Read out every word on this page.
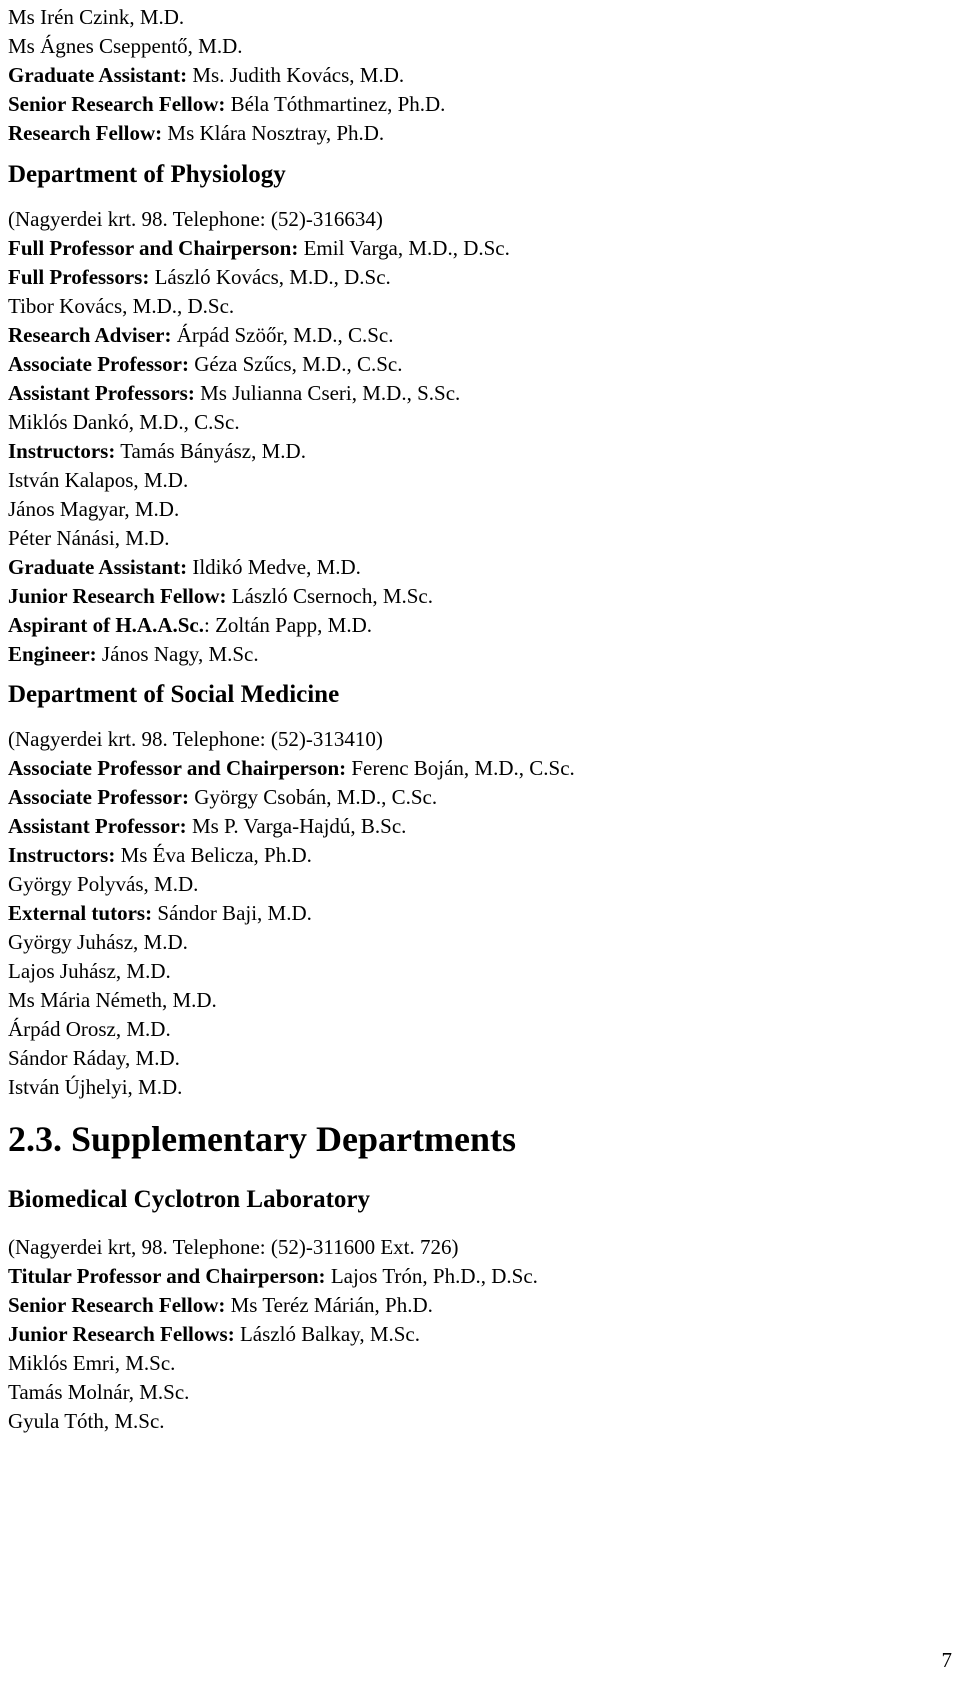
Ms Irén Czink, M.D.
Ms Ágnes Cseppentő, M.D.
Graduate Assistant: Ms. Judith Kovács, M.D.
Senior Research Fellow: Béla Tóthmartinez, Ph.D.
Research Fellow: Ms Klára Nosztray, Ph.D.
Department of Physiology
(Nagyerdei krt. 98. Telephone: (52)-316634)
Full Professor and Chairperson: Emil Varga, M.D., D.Sc.
Full Professors: László Kovács, M.D., D.Sc.
Tibor Kovács, M.D., D.Sc.
Research Adviser: Árpád Szöőr, M.D., C.Sc.
Associate Professor: Géza Szűcs, M.D., C.Sc.
Assistant Professors: Ms Julianna Cseri, M.D., S.Sc.
Miklós Dankó, M.D., C.Sc.
Instructors: Tamás Bányász, M.D.
István Kalapos, M.D.
János Magyar, M.D.
Péter Nánási, M.D.
Graduate Assistant: Ildikó Medve, M.D.
Junior Research Fellow: László Csernoch, M.Sc.
Aspirant of H.A.A.Sc.: Zoltán Papp, M.D.
Engineer: János Nagy, M.Sc.
Department of Social Medicine
(Nagyerdei krt. 98. Telephone: (52)-313410)
Associate Professor and Chairperson: Ferenc Boján, M.D., C.Sc.
Associate Professor: György Csobán, M.D., C.Sc.
Assistant Professor: Ms P. Varga-Hajdú, B.Sc.
Instructors: Ms Éva Belicza, Ph.D.
György Polyvás, M.D.
External tutors: Sándor Baji, M.D.
György Juhász, M.D.
Lajos Juhász, M.D.
Ms Mária Németh, M.D.
Árpád Orosz, M.D.
Sándor Ráday, M.D.
István Újhelyi, M.D.
2.3. Supplementary Departments
Biomedical Cyclotron Laboratory
(Nagyerdei krt, 98. Telephone: (52)-311600 Ext. 726)
Titular Professor and Chairperson: Lajos Trón, Ph.D., D.Sc.
Senior Research Fellow: Ms Teréz Márián, Ph.D.
Junior Research Fellows: László Balkay, M.Sc.
Miklós Emri, M.Sc.
Tamás Molnár, M.Sc.
Gyula Tóth, M.Sc.
7
